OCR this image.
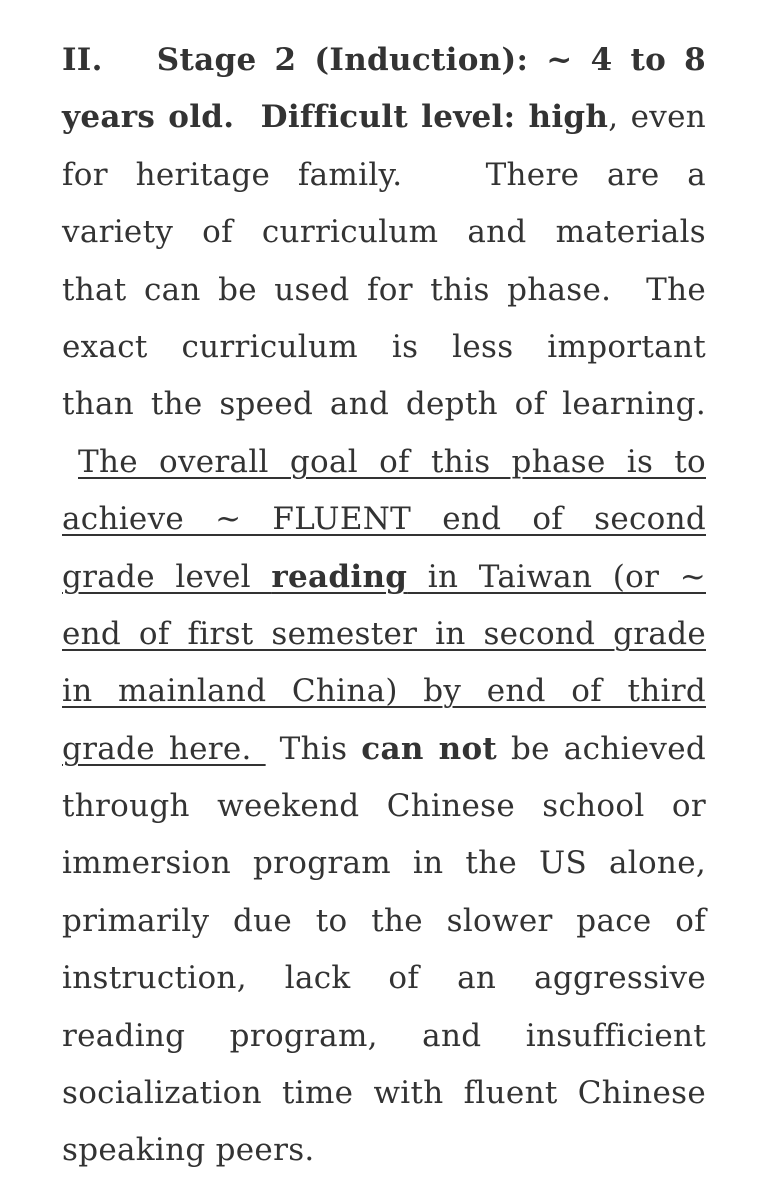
II.   Stage 2 (Induction): ~ 4 to 8
years old.  Difficult level: high, even
for heritage family.   There are a
variety of curriculum and materials
that can be used for this phase.  The
exact curriculum is less important
than the speed and depth of learning.
The overall goal of this phase is to
achieve ~ FLUENT end of second
grade level reading in Taiwan (or ~
end of first semester in second grade
in mainland China) by end of third
grade here.  This can not be achieved
through weekend Chinese school or
immersion program in the US alone,
primarily due to the slower pace of
instruction, lack of an aggressive
reading program, and insufficient
socialization time with fluent Chinese
speaking peers.
